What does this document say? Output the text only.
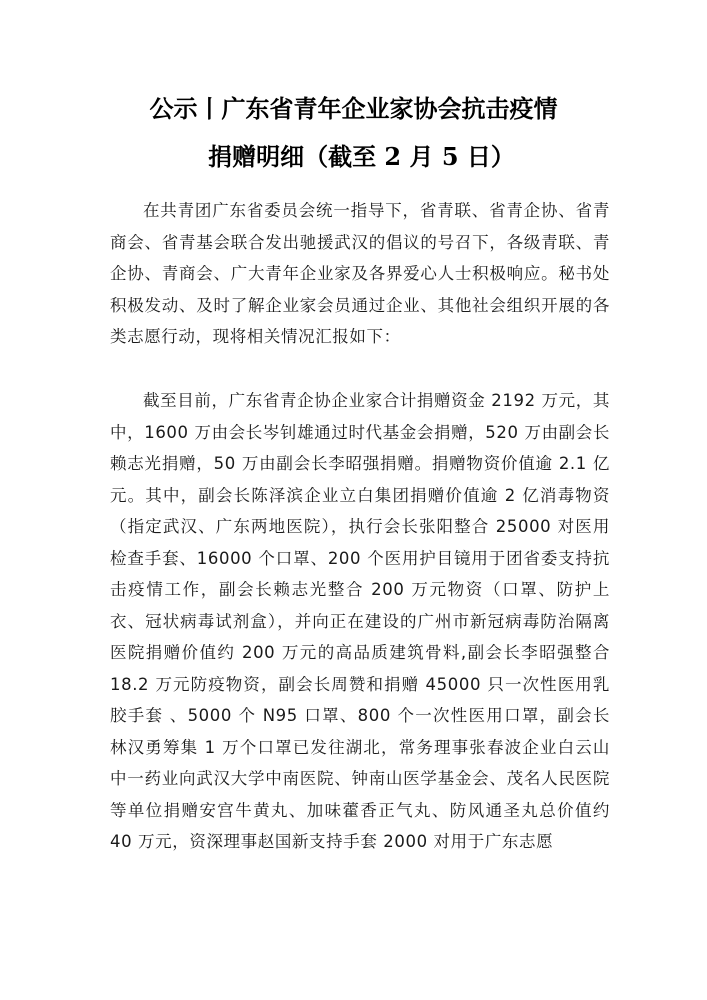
公示丨广东省青年企业家协会抗击疫情
捐赠明细（截至 2 月 5 日）

在共青团广东省委员会统一指导下，省青联、省青企协、省青商会、省青基会联合发出驰援武汉的倡议的号召下，各级青联、青企协、青商会、广大青年企业家及各界爱心人士积极响应。秘书处积极发动、及时了解企业家会员通过企业、其他社会组织开展的各类志愿行动，现将相关情况汇报如下：

截至目前，广东省青企协企业家合计捐赠资金 2192 万元，其中，1600 万由会长岑钊雄通过时代基金会捐赠，520 万由副会长赖志光捐赠，50 万由副会长李昭强捐赠。捐赠物资价值逾 2.1 亿元。其中，副会长陈泽滨企业立白集团捐赠价值逾 2 亿消毒物资（指定武汉、广东两地医院），执行会长张阳整合 25000 对医用检查手套、16000 个口罩、200 个医用护目镜用于团省委支持抗击疫情工作，副会长赖志光整合 200 万元物资（口罩、防护上衣、冠状病毒试剂盒），并向正在建设的广州市新冠病毒防治隔离医院捐赠价值约 200 万元的高品质建筑骨料,副会长李昭强整合 18.2 万元防疫物资，副会长周赞和捐赠 45000 只一次性医用乳胶手套 、5000 个 N95 口罩、800 个一次性医用口罩，副会长林汉勇筹集 1 万个口罩已发往湖北，常务理事张春波企业白云山中一药业向武汉大学中南医院、钟南山医学基金会、茂名人民医院等单位捐赠安宫牛黄丸、加味藿香正气丸、防风通圣丸总价值约 40 万元，资深理事赵国新支持手套 2000 对用于广东志愿
